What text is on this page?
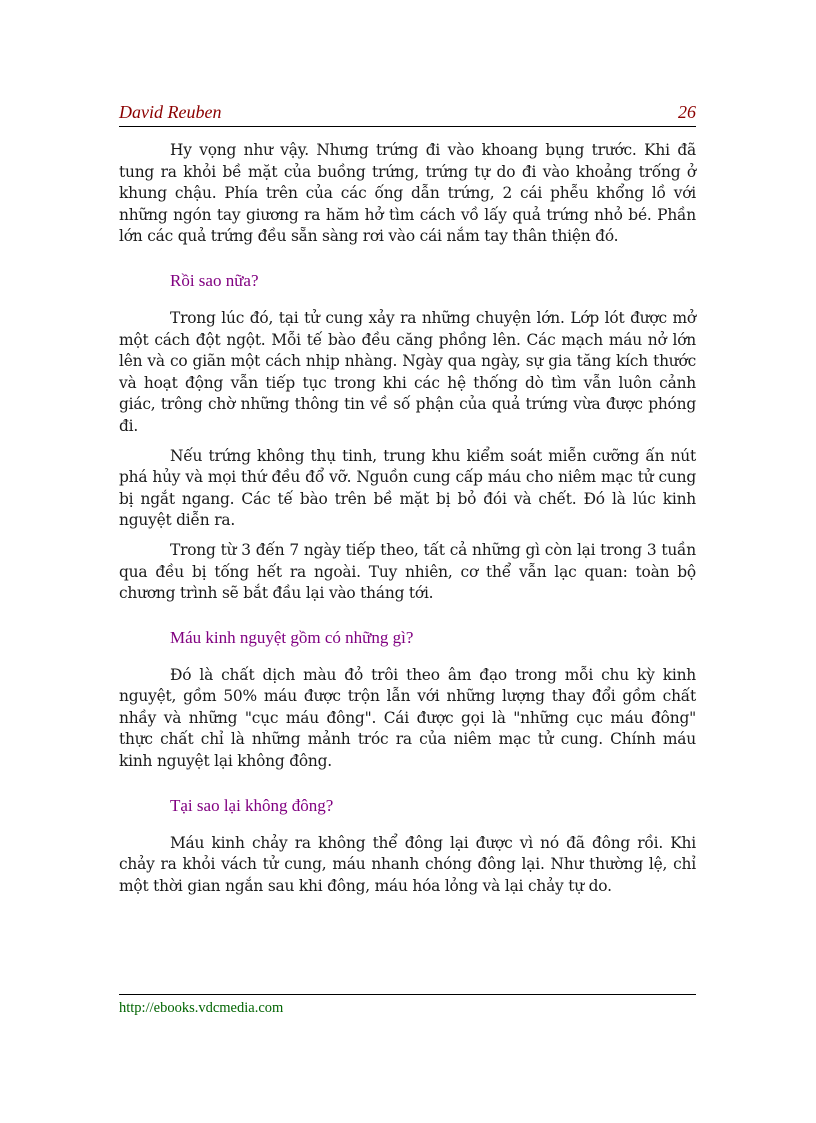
David Reuben	26

Hy vọng như vậy. Nhưng trứng đi vào khoang bụng trước. Khi đã tung ra khỏi bề mặt của buồng trứng, trứng tự do đi vào khoảng trống ở khung chậu. Phía trên của các ống dẫn trứng, 2 cái phễu khổng lồ với những ngón tay giương ra hăm hở tìm cách vồ lấy quả trứng nhỏ bé. Phần lớn các quả trứng đều sẵn sàng rơi vào cái nắm tay thân thiện đó.

Rồi sao nữa?

Trong lúc đó, tại tử cung xảy ra những chuyện lớn. Lớp lót được mở một cách đột ngột. Mỗi tế bào đều căng phồng lên. Các mạch máu nở lớn lên và co giãn một cách nhịp nhàng. Ngày qua ngày, sự gia tăng kích thước và hoạt động vẫn tiếp tục trong khi các hệ thống dò tìm vẫn luôn cảnh giác, trông chờ những thông tin về số phận của quả trứng vừa được phóng đi.

Nếu trứng không thụ tinh, trung khu kiểm soát miễn cưỡng ấn nút phá hủy và mọi thứ đều đổ vỡ. Nguồn cung cấp máu cho niêm mạc tử cung bị ngắt ngang. Các tế bào trên bề mặt bị bỏ đói và chết. Đó là lúc kinh nguyệt diễn ra.

Trong từ 3 đến 7 ngày tiếp theo, tất cả những gì còn lại trong 3 tuần qua đều bị tống hết ra ngoài. Tuy nhiên, cơ thể vẫn lạc quan: toàn bộ chương trình sẽ bắt đầu lại vào tháng tới.

Máu kinh nguyệt gồm có những gì?

Đó là chất dịch màu đỏ trôi theo âm đạo trong mỗi chu kỳ kinh nguyệt, gồm 50% máu được trộn lẫn với những lượng thay đổi gồm chất nhầy và những "cục máu đông". Cái được gọi là "những cục máu đông" thực chất chỉ là những mảnh tróc ra của niêm mạc tử cung. Chính máu kinh nguyệt lại không đông.

Tại sao lại không đông?

Máu kinh chảy ra không thể đông lại được vì nó đã đông rồi. Khi chảy ra khỏi vách tử cung, máu nhanh chóng đông lại. Như thường lệ, chỉ một thời gian ngắn sau khi đông, máu hóa lỏng và lại chảy tự do.

http://ebooks.vdcmedia.com
